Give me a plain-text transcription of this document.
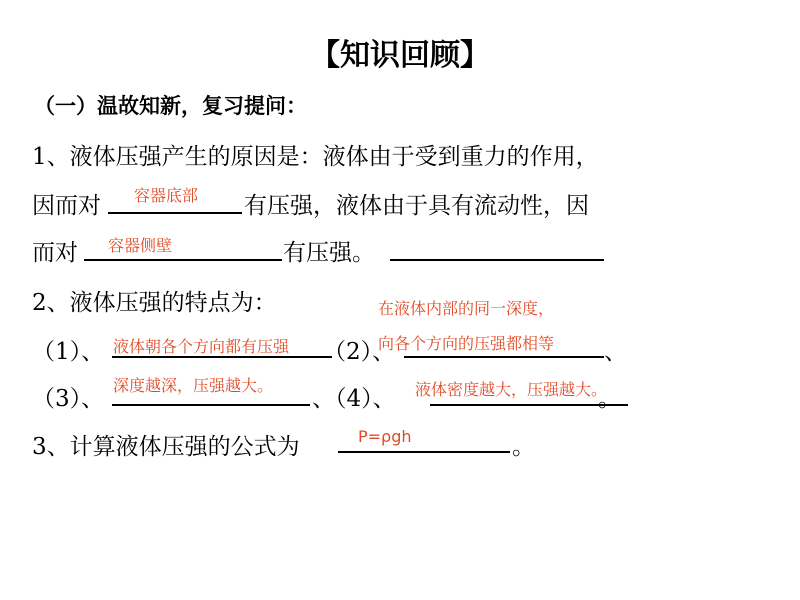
【知识回顾】
（一）温故知新，复习提问：
1、液体压强产生的原因是：液体由于受到重力的作用，
因而对 容器底部 有压强，液体由于具有流动性，因
而对 容器侧壁	有压强。
2、液体压强的特点为：	在液体内部的同一深度，
（1）、 液体朝各个方向都有压强 （2）、
向各个方向的压强都相等 、
（3）、
深度越深，压强越大。
、（4）、 液体密度越大，压强越大。
。
3、计算液体压强的公式为	P=ρgh	。
